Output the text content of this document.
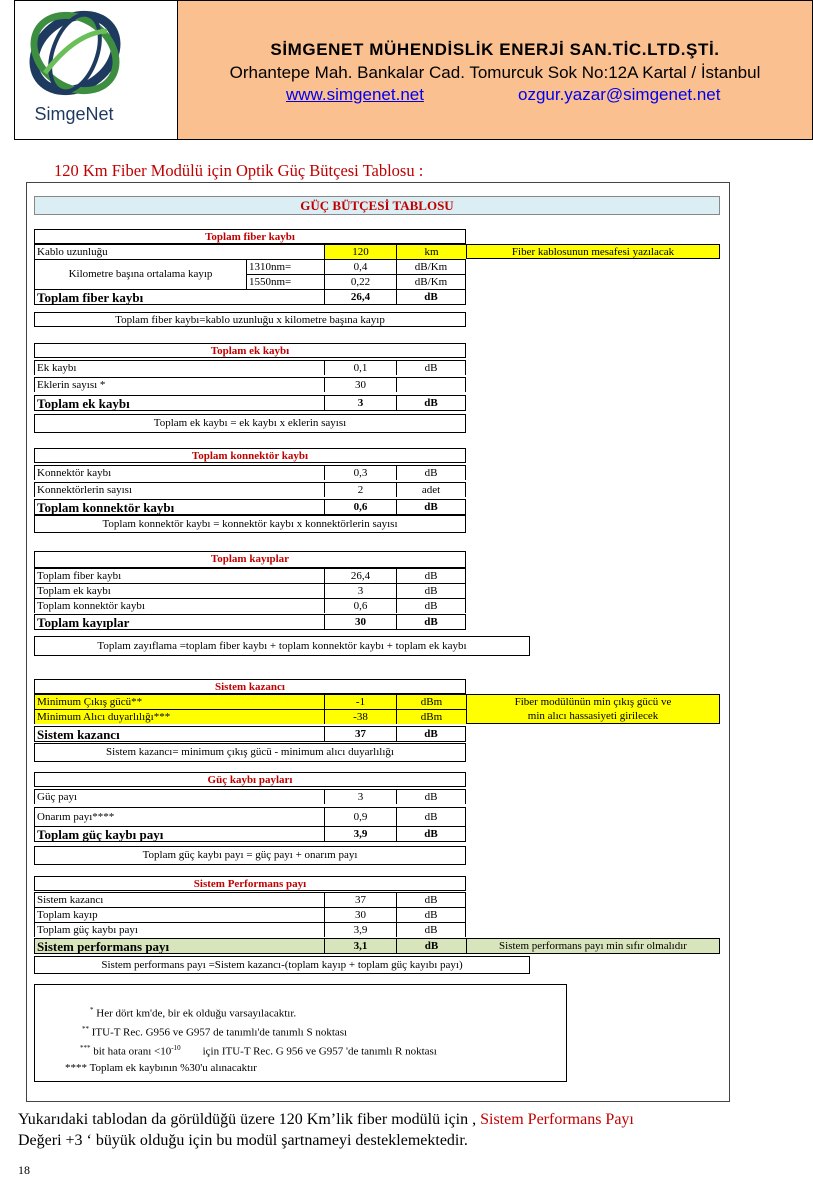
SimgeNet
SİMGENET MÜHENDİSLİK ENERJİ SAN.TİC.LTD.ŞTİ.
Orhantepe Mah. Bankalar Cad. Tomurcuk Sok No:12A Kartal / İstanbul
www.simgenet.net	ozgur.yazar@simgenet.net
120 Km Fiber Modülü için Optik Güç Bütçesi Tablosu :
GÜÇ BÜTÇESİ TABLOSU
Toplam fiber kaybı
Kablo uzunluğu	120	km	Fiber kablosunun mesafesi yazılacak
Kilometre başına ortalama kayıp
1310nm=	0,4	dB/Km
1550nm=	0,22	dB/Km
Toplam fiber kaybı	26,4	dB
Toplam fiber kaybı=kablo uzunluğu x kilometre başına kayıp
Toplam ek kaybı
Ek kaybı	0,1	dB
Eklerin sayısı *	30
Toplam ek kaybı	3	dB
Toplam ek kaybı = ek kaybı x eklerin sayısı
Toplam konnektör kaybı
Konnektör kaybı	0,3	dB
Konnektörlerin sayısı	2	adet
Toplam konnektör kaybı	0,6	dB
Toplam konnektör kaybı = konnektör kaybı x konnektörlerin sayısı
Toplam kayıplar
Toplam fiber kaybı	26,4	dB
Toplam ek kaybı	3	dB
Toplam konnektör kaybı	0,6	dB
Toplam kayıplar	30	dB
Toplam zayıflama =toplam fiber kaybı + toplam konnektör kaybı + toplam ek kaybı
Sistem kazancı
Minimum Çıkış gücü**	-1	dBm	Fiber modülünün min çıkış gücü ve
Minimum Alıcı duyarlılığı***	-38	dBm	min alıcı hassasiyeti girilecek
Sistem kazancı	37	dB
Sistem kazancı= minimum çıkış gücü - minimum alıcı duyarlılığı
Güç kaybı payları
Güç payı	3	dB
Onarım payı****	0,9	dB
Toplam güç kaybı payı	3,9	dB
Toplam güç kaybı payı = güç payı + onarım payı
Sistem Performans payı
Sistem kazancı	37	dB
Toplam kayıp	30	dB
Toplam güç kaybı payı	3,9	dB
Sistem performans payı	3,1	dB	Sistem performans payı min sıfır olmalıdır
Sistem performans payı =Sistem kazancı-(toplam kayıp + toplam güç kayıbı payı)
* Her dört km'de, bir ek olduğu varsayılacaktır.
** ITU-T Rec. G956 ve G957 de tanımlı'de tanımlı S noktası
*** bit hata oranı $<10^{-10}$ için ITU-T Rec. G 956 ve G957 'de tanımlı R noktası
**** Toplam ek kaybının %30'u alınacaktır
Yukarıdaki tablodan da görüldüğü üzere 120 Km’lik fiber modülü için , Sistem Performans Payı
Değeri +3 ‘ büyük olduğu için bu modül şartnameyi desteklemektedir.
18
